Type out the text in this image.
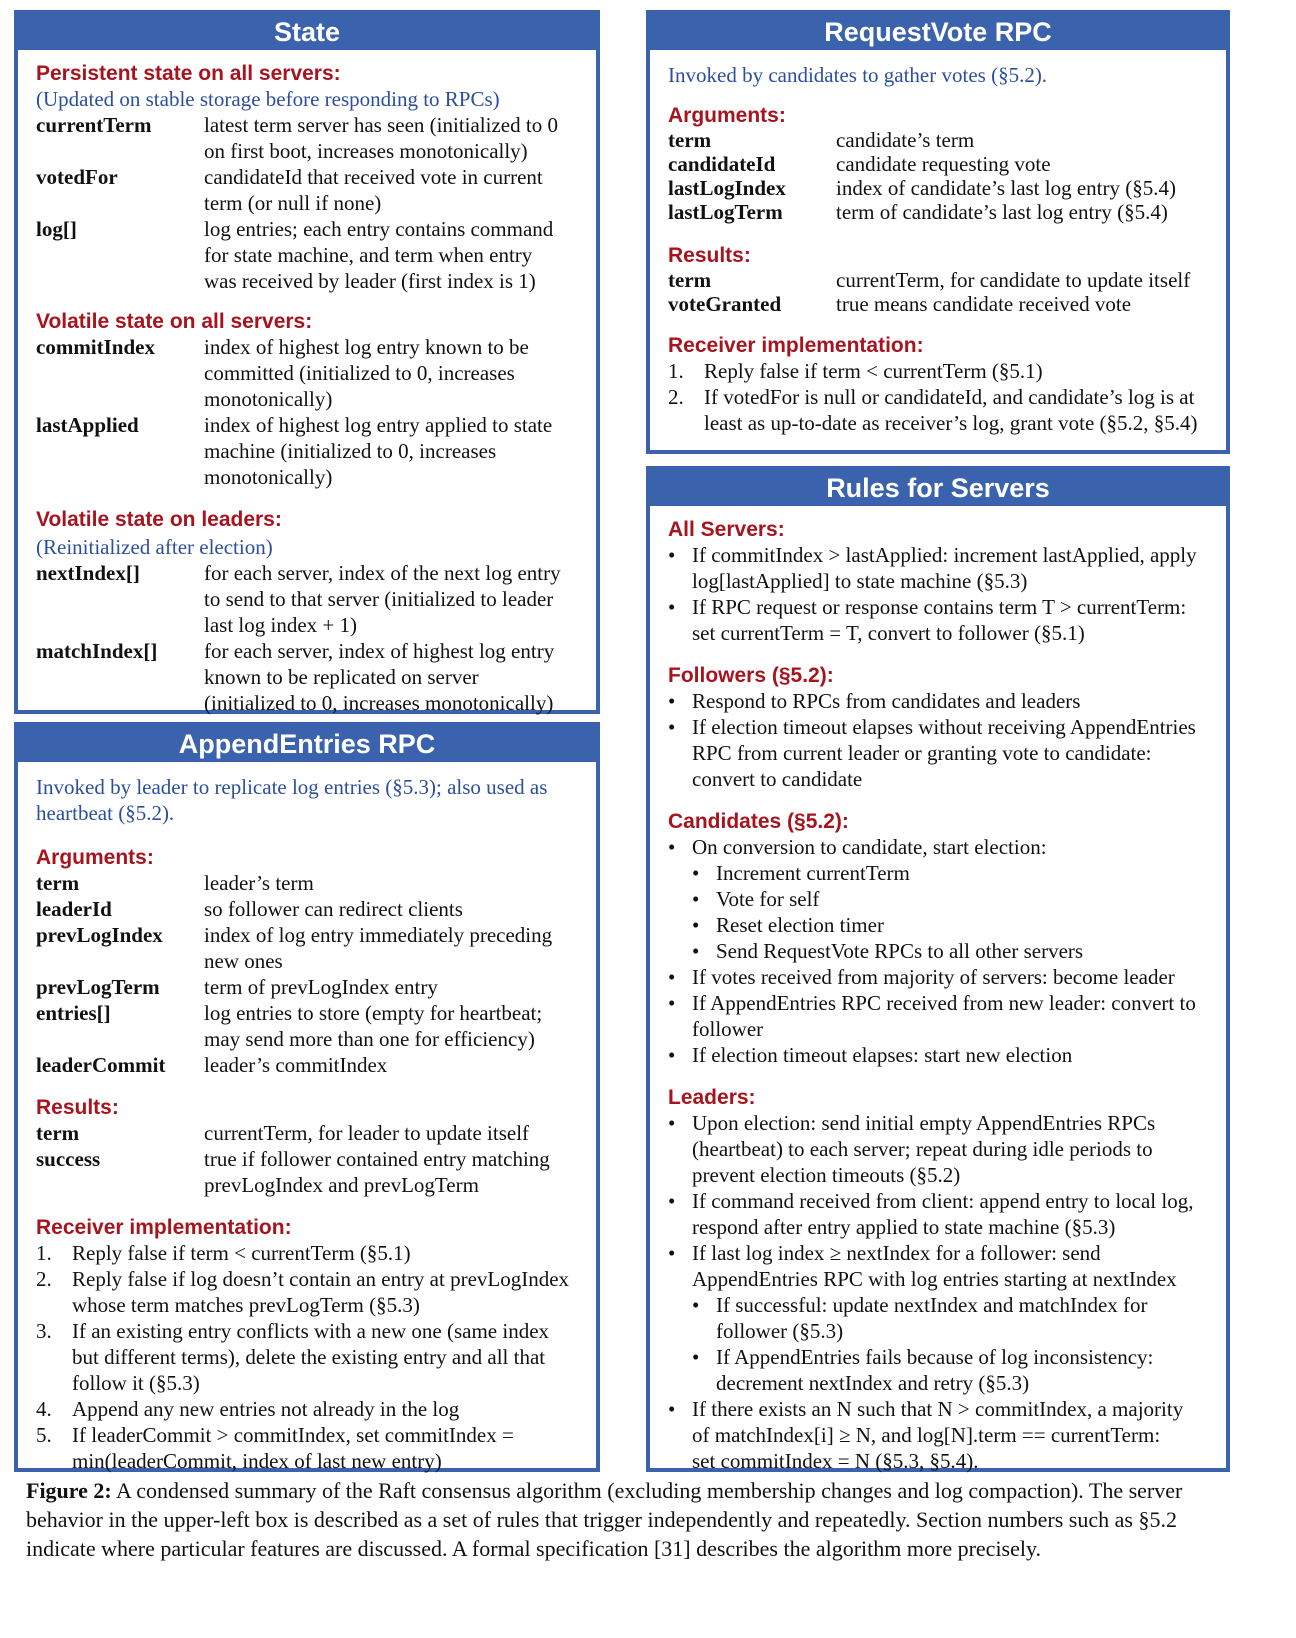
State
Persistent state on all servers:
(Updated on stable storage before responding to RPCs)
currentTerm	latest term server has seen (initialized to 0
on first boot, increases monotonically)
votedFor	candidateId that received vote in current
term (or null if none)
log[]	log entries; each entry contains command
for state machine, and term when entry
was received by leader (first index is 1)
Volatile state on all servers:
commitIndex	index of highest log entry known to be
committed (initialized to 0, increases
monotonically)
lastApplied	index of highest log entry applied to state
machine (initialized to 0, increases
monotonically)
Volatile state on leaders:
(Reinitialized after election)
nextIndex[]	for each server, index of the next log entry
to send to that server (initialized to leader
last log index + 1)
matchIndex[]	for each server, index of highest log entry
known to be replicated on server
(initialized to 0, increases monotonically)
AppendEntries RPC
Invoked by leader to replicate log entries (§5.3); also used as
heartbeat (§5.2).
Arguments:
term	leader’s term
leaderId	so follower can redirect clients
prevLogIndex	index of log entry immediately preceding
new ones
prevLogTerm	term of prevLogIndex entry
entries[]	log entries to store (empty for heartbeat;
may send more than one for efficiency)
leaderCommit	leader’s commitIndex
Results:
term	currentTerm, for leader to update itself
success	true if follower contained entry matching
prevLogIndex and prevLogTerm
Receiver implementation:
1. Reply false if term < currentTerm (§5.1)
2. Reply false if log doesn’t contain an entry at prevLogIndex
whose term matches prevLogTerm (§5.3)
3. If an existing entry conflicts with a new one (same index
but different terms), delete the existing entry and all that
follow it (§5.3)
4. Append any new entries not already in the log
5. If leaderCommit > commitIndex, set commitIndex =
min(leaderCommit, index of last new entry)
RequestVote RPC
Invoked by candidates to gather votes (§5.2).
Arguments:
term	candidate’s term
candidateId	candidate requesting vote
lastLogIndex	index of candidate’s last log entry (§5.4)
lastLogTerm	term of candidate’s last log entry (§5.4)
Results:
term	currentTerm, for candidate to update itself
voteGranted	true means candidate received vote
Receiver implementation:
1. Reply false if term < currentTerm (§5.1)
2. If votedFor is null or candidateId, and candidate’s log is at
least as up-to-date as receiver’s log, grant vote (§5.2, §5.4)
Rules for Servers
All Servers:
• If commitIndex > lastApplied: increment lastApplied, apply
log[lastApplied] to state machine (§5.3)
• If RPC request or response contains term T > currentTerm:
set currentTerm = T, convert to follower (§5.1)
Followers (§5.2):
• Respond to RPCs from candidates and leaders
• If election timeout elapses without receiving AppendEntries
RPC from current leader or granting vote to candidate:
convert to candidate
Candidates (§5.2):
• On conversion to candidate, start election:
• Increment currentTerm
• Vote for self
• Reset election timer
• Send RequestVote RPCs to all other servers
• If votes received from majority of servers: become leader
• If AppendEntries RPC received from new leader: convert to
follower
• If election timeout elapses: start new election
Leaders:
• Upon election: send initial empty AppendEntries RPCs
(heartbeat) to each server; repeat during idle periods to
prevent election timeouts (§5.2)
• If command received from client: append entry to local log,
respond after entry applied to state machine (§5.3)
• If last log index ≥ nextIndex for a follower: send
AppendEntries RPC with log entries starting at nextIndex
• If successful: update nextIndex and matchIndex for
follower (§5.3)
• If AppendEntries fails because of log inconsistency:
decrement nextIndex and retry (§5.3)
• If there exists an N such that N > commitIndex, a majority
of matchIndex[i] ≥ N, and log[N].term == currentTerm:
set commitIndex = N (§5.3, §5.4).
Figure 2: A condensed summary of the Raft consensus algorithm (excluding membership changes and log compaction). The server
behavior in the upper-left box is described as a set of rules that trigger independently and repeatedly. Section numbers such as §5.2
indicate where particular features are discussed. A formal specification [31] describes the algorithm more precisely.
